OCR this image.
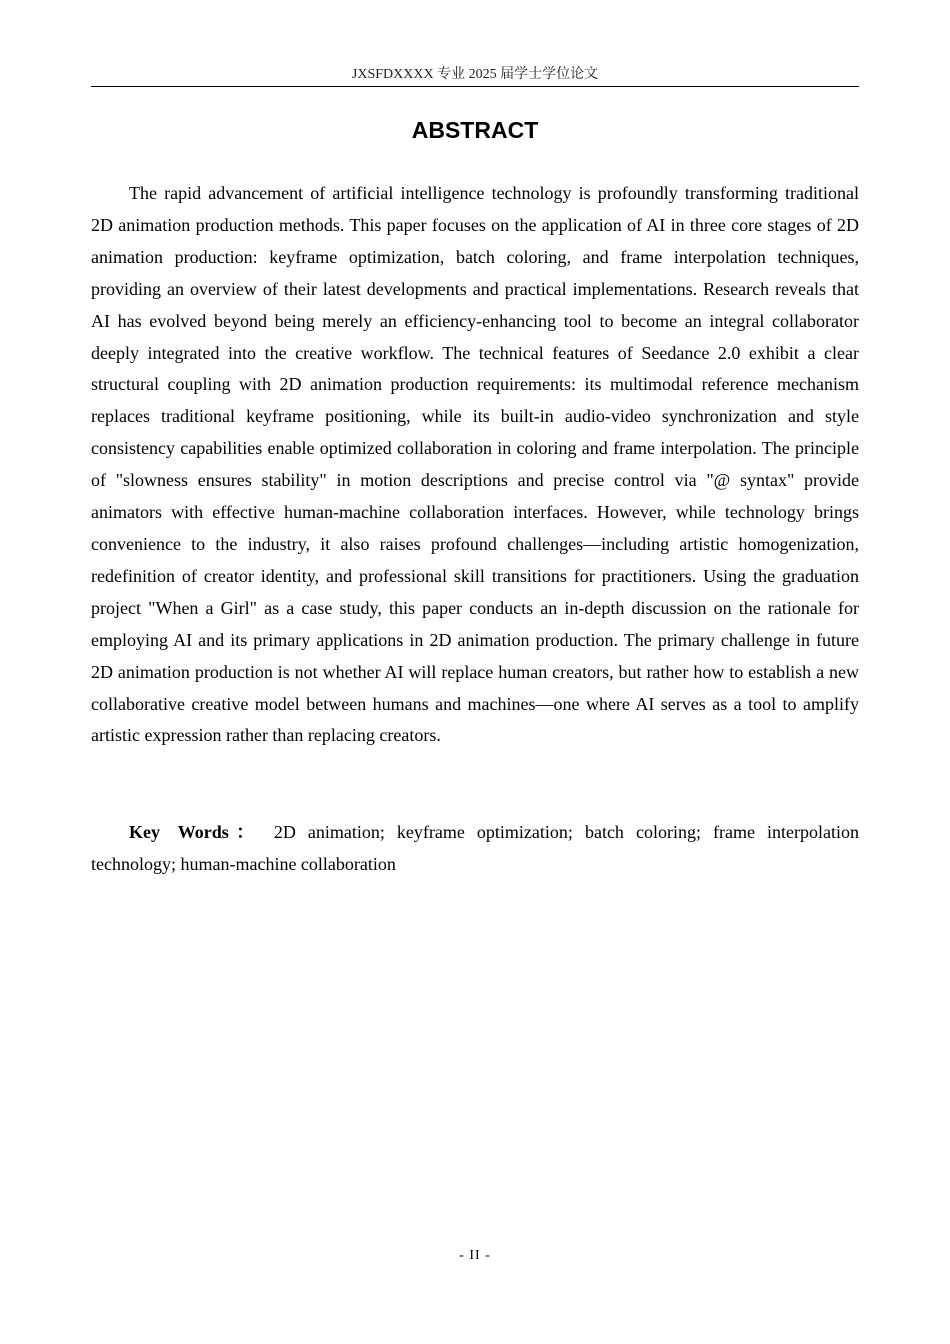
JXSFDXXXX 专业 2025 届学士学位论文
ABSTRACT

The rapid advancement of artificial intelligence technology is profoundly transforming traditional 2D animation production methods. This paper focuses on the application of AI in three core stages of 2D animation production: keyframe optimization, batch coloring, and frame interpolation techniques, providing an overview of their latest developments and practical implementations. Research reveals that AI has evolved beyond being merely an efficiency-enhancing tool to become an integral collaborator deeply integrated into the creative workflow. The technical features of Seedance 2.0 exhibit a clear structural coupling with 2D animation production requirements: its multimodal reference mechanism replaces traditional keyframe positioning, while its built-in audio-video synchronization and style consistency capabilities enable optimized collaboration in coloring and frame interpolation. The principle of "slowness ensures stability" in motion descriptions and precise control via "@ syntax" provide animators with effective human-machine collaboration interfaces. However, while technology brings convenience to the industry, it also raises profound challenges—including artistic homogenization, redefinition of creator identity, and professional skill transitions for practitioners. Using the graduation project "When a Girl" as a case study, this paper conducts an in-depth discussion on the rationale for employing AI and its primary applications in 2D animation production. The primary challenge in future 2D animation production is not whether AI will replace human creators, but rather how to establish a new collaborative creative model between humans and machines—one where AI serves as a tool to amplify artistic expression rather than replacing creators.

Key Words： 2D animation; keyframe optimization; batch coloring; frame interpolation technology; human-machine collaboration

- II -
